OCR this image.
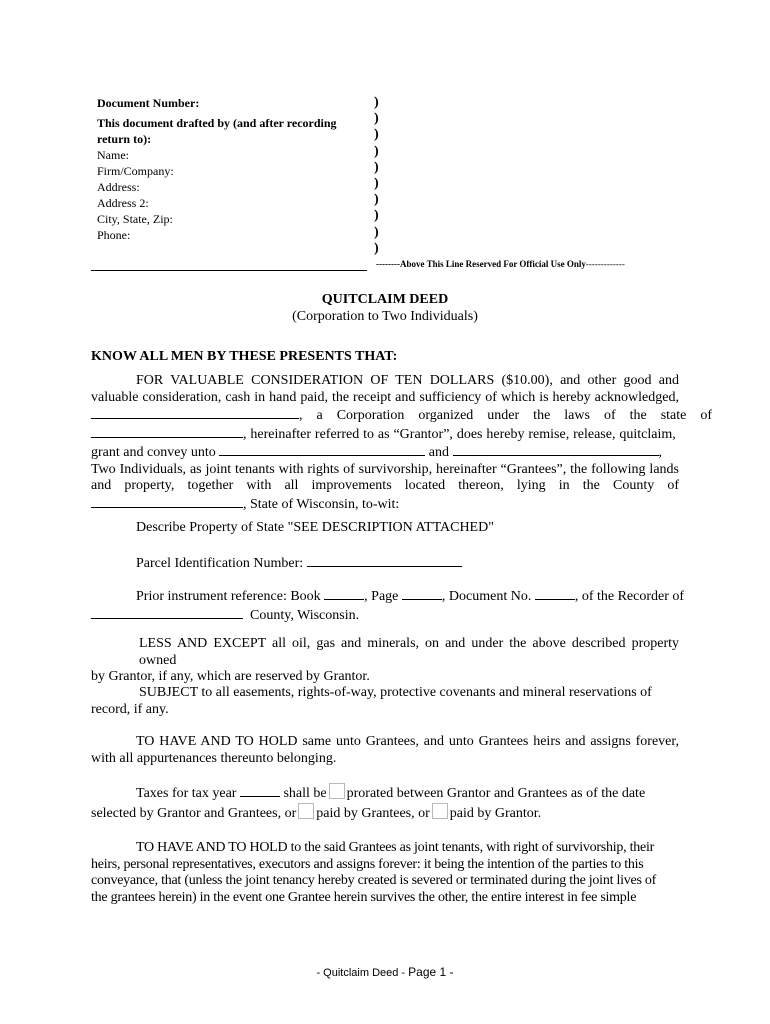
Document Number:
This document drafted by (and after recording return to):
Name:
Firm/Company:
Address:
Address 2:
City, State, Zip:
Phone:
)
)
)
)
)
)
)
)
)
)
--------Above This Line Reserved For Official Use Only-------------
QUITCLAIM DEED
(Corporation to Two Individuals)
KNOW ALL MEN BY THESE PRESENTS THAT:
FOR VALUABLE CONSIDERATION OF TEN DOLLARS ($10.00), and other good and
valuable consideration, cash in hand paid, the receipt and sufficiency of which is hereby acknowledged,
, a Corporation organized under the laws of the state of
, hereinafter referred to as “Grantor”, does hereby remise, release, quitclaim,
grant and convey unto	and	,
Two Individuals, as joint tenants with rights of survivorship, hereinafter “Grantees”, the following lands
and property, together with all improvements located thereon, lying in the County of
, State of Wisconsin, to-wit:
Describe Property of State "SEE DESCRIPTION ATTACHED"
Parcel Identification Number:
Prior instrument reference: Book	, Page	, Document No.	, of the Recorder of
County, Wisconsin.
LESS AND EXCEPT all oil, gas and minerals, on and under the above described property owned
by Grantor, if any, which are reserved by Grantor.
SUBJECT to all easements, rights-of-way, protective covenants and mineral reservations of
record, if any.
TO HAVE AND TO HOLD same unto Grantees, and unto Grantees heirs and assigns forever,
with all appurtenances thereunto belonging.
Taxes for tax year	shall be prorated between Grantor and Grantees as of the date
selected by Grantor and Grantees, or paid by Grantees, or paid by Grantor.
TO HAVE AND TO HOLD to the said Grantees as joint tenants, with right of survivorship, their
heirs, personal representatives, executors and assigns forever: it being the intention of the parties to this
conveyance, that (unless the joint tenancy hereby created is severed or terminated during the joint lives of
the grantees herein) in the event one Grantee herein survives the other, the entire interest in fee simple
- Quitclaim Deed - Page 1 -
